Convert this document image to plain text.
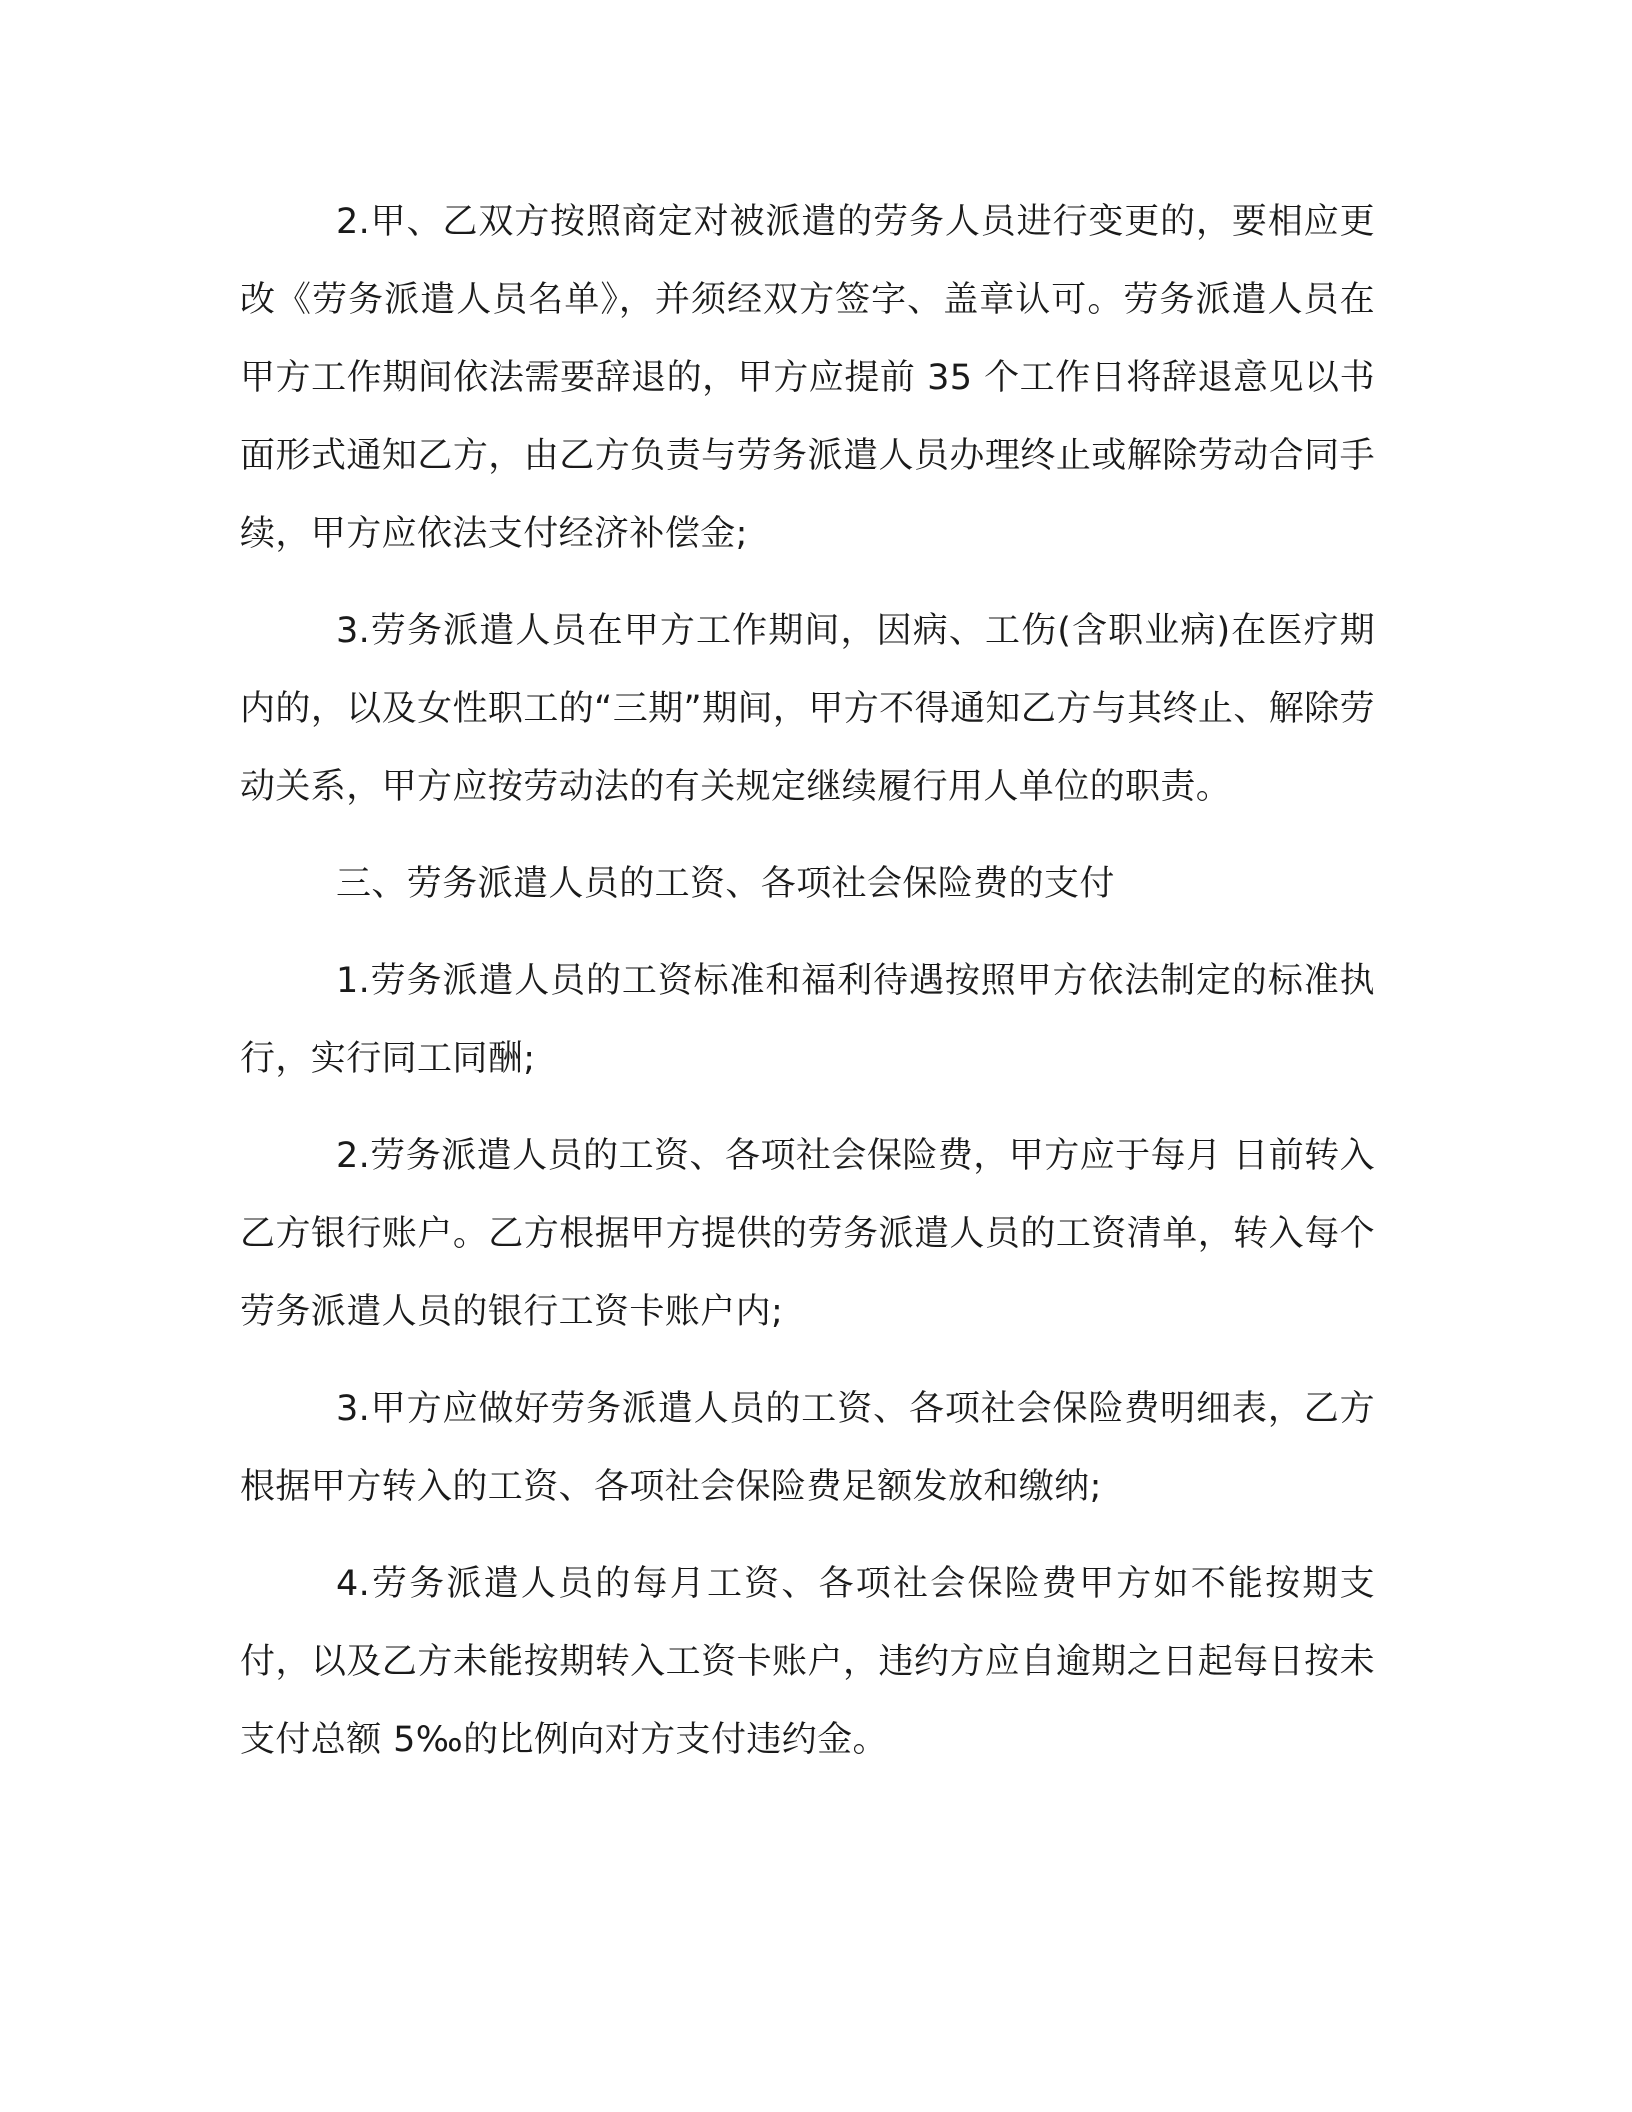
2.甲、乙双方按照商定对被派遣的劳务人员进行变更的，要相应更改《劳务派遣人员名单》，并须经双方签字、盖章认可。劳务派遣人员在甲方工作期间依法需要辞退的，甲方应提前 35 个工作日将辞退意见以书面形式通知乙方，由乙方负责与劳务派遣人员办理终止或解除劳动合同手续，甲方应依法支付经济补偿金;

3.劳务派遣人员在甲方工作期间，因病、工伤(含职业病)在医疗期内的，以及女性职工的“三期”期间，甲方不得通知乙方与其终止、解除劳动关系，甲方应按劳动法的有关规定继续履行用人单位的职责。

三、劳务派遣人员的工资、各项社会保险费的支付

1.劳务派遣人员的工资标准和福利待遇按照甲方依法制定的标准执行，实行同工同酬;

2.劳务派遣人员的工资、各项社会保险费，甲方应于每月 日前转入乙方银行账户。乙方根据甲方提供的劳务派遣人员的工资清单，转入每个劳务派遣人员的银行工资卡账户内;

3.甲方应做好劳务派遣人员的工资、各项社会保险费明细表，乙方根据甲方转入的工资、各项社会保险费足额发放和缴纳;

4.劳务派遣人员的每月工资、各项社会保险费甲方如不能按期支付，以及乙方未能按期转入工资卡账户，违约方应自逾期之日起每日按未支付总额 5‰的比例向对方支付违约金。
